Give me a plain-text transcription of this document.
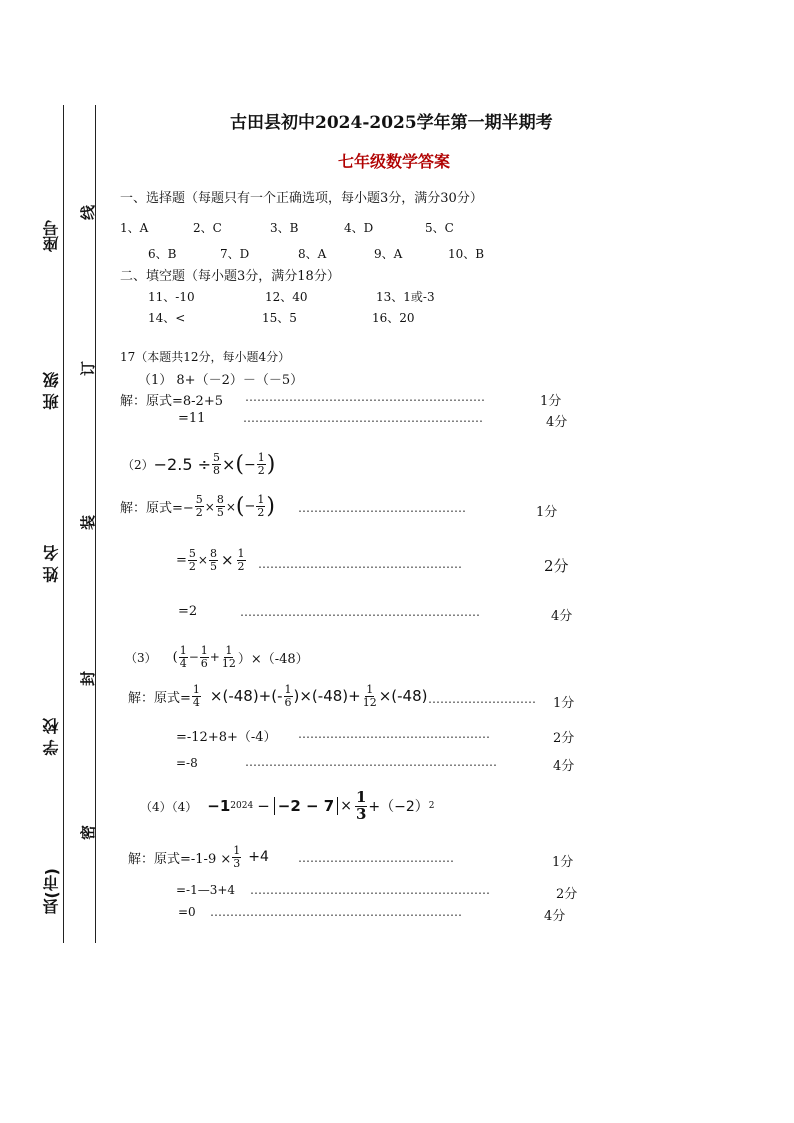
县(市)
学 校
姓 名
班 级
座号
密
封
装
订
线
古田县初中2024-2025学年第一期半期考
七年级数学答案
一、选择题（每题只有一个正确选项，每小题3分，满分30分）
1、A	2、C	3、B	4、D	5、C
6、B	7、D	8、A	9、A	10、B
二、填空题（每小题3分，满分18分）
11、-10	12、40	13、1或-3
14、<	15、5	16、20
17（本题共12分，每小题4分）
（1） 8+（－2）－（－5）
解：原式=8-2+5 ……………………………………………………	1分
=11	……………………………………………………	4分
$(2) -2.5 \div \frac{5}{8}$ × ( − $\frac{1}{2}$ )
解：原式=− $\frac{5}{2} \times \frac{8}{5}$ × ( − $\frac{1}{2}$ ) ……………………………………	1分
= $\frac{5}{2} \times \frac{8}{5} \times \frac{1}{2}$ ……………………………………………	2分
=2	……………………………………………………	4分
（3） ( $\frac{1}{4} - \frac{1}{6} + \frac{1}{12} )\times(-48)$
解：原式= $\frac{1}{4} \times(-48)+(- \frac{1}{6} )\times(-48)+ \frac{1}{12} \times(-48)$ ……………………… 1分
=-12+8+（-4） …………………………………………	2分
=-8	………………………………………………………	4分
（4）（4） −1 $2024 - -2 - 7 \times \frac{1}{3} +(-2)$ 2
解：原式$=-1-9 \times \frac{1}{3} +4$ …………………………………	1分
=-1—3+4 ……………………………………………………	2分
=0 ………………………………………………………	4分
